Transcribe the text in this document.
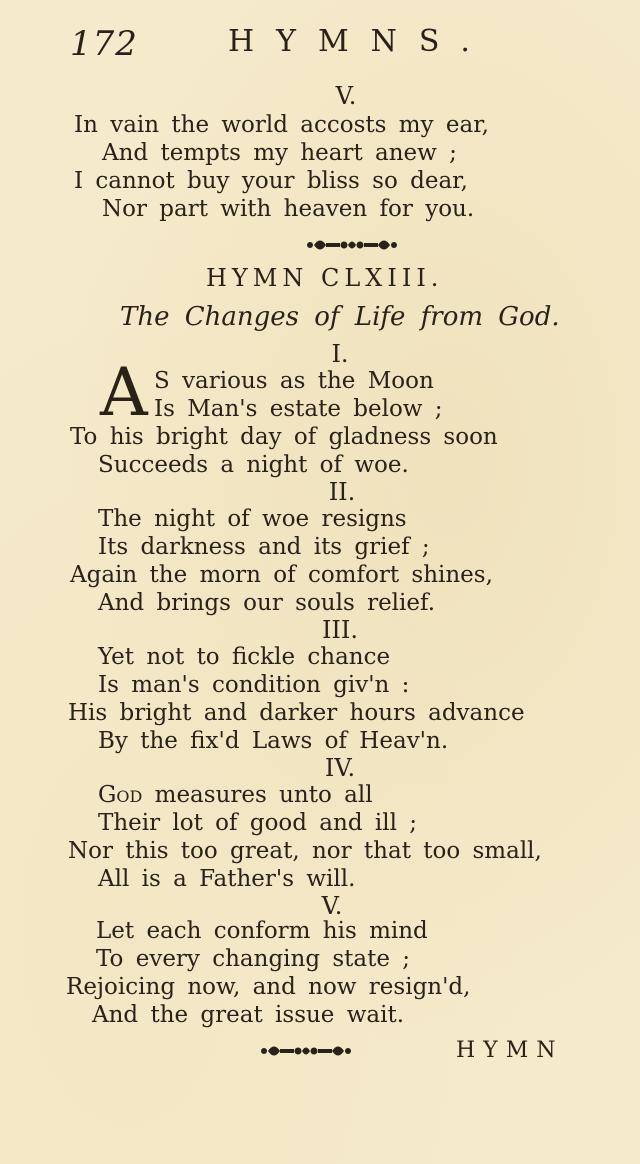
172	HYMNS.
V.
In vain the world accosts my ear,
And tempts my heart anew ;
I cannot buy your bliss so dear,
Nor part with heaven for you.
HYMN CLXIII.
The Changes of Life from God.
I.
A S various as the Moon
Is Man's estate below ;
To his bright day of gladness soon
Succeeds a night of woe.
II.
The night of woe resigns
Its darkness and its grief ;
Again the morn of comfort shines,
And brings our souls relief.
III.
Yet not to fickle chance
Is man's condition giv'n :
His bright and darker hours advance
By the fix'd Laws of Heav'n.
IV.
God measures unto all
Their lot of good and ill ;
Nor this too great, nor that too small,
All is a Father's will.
V.
Let each conform his mind
To every changing state ;
Rejoicing now, and now resign'd,
And the great issue wait.
HYMN
